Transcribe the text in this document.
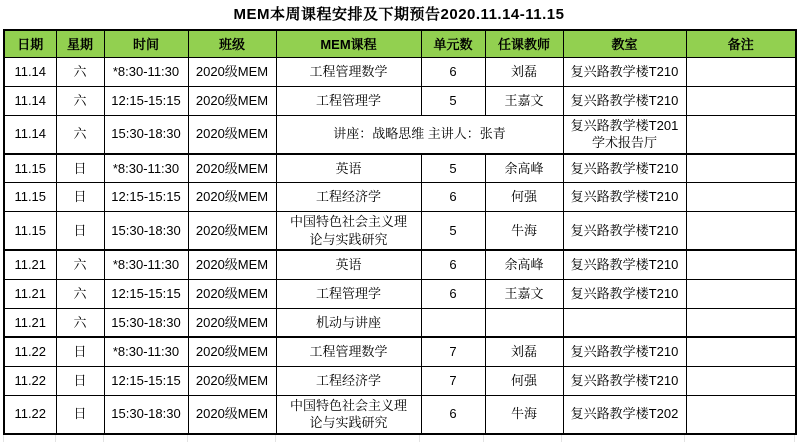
MEM本周课程安排及下期预告2020.11.14-11.15
日期	星期	时间	班级	MEM课程	单元数	任课教师	教室	备注
11.14	六	*8:30-11:30	2020级MEM	工程管理数学	6	刘磊	复兴路教学楼T210	
11.14	六	12:15-15:15	2020级MEM	工程管理学	5	王嘉文	复兴路教学楼T210	
11.14	六	15:30-18:30	2020级MEM	讲座：战略思维 主讲人：张青			复兴路教学楼T201学术报告厅	
11.15	日	*8:30-11:30	2020级MEM	英语	5	余高峰	复兴路教学楼T210	
11.15	日	12:15-15:15	2020级MEM	工程经济学	6	何强	复兴路教学楼T210	
11.15	日	15:30-18:30	2020级MEM	中国特色社会主义理论与实践研究	5	牛海	复兴路教学楼T210	
11.21	六	*8:30-11:30	2020级MEM	英语	6	余高峰	复兴路教学楼T210	
11.21	六	12:15-15:15	2020级MEM	工程管理学	6	王嘉文	复兴路教学楼T210	
11.21	六	15:30-18:30	2020级MEM	机动与讲座				
11.22	日	*8:30-11:30	2020级MEM	工程管理数学	7	刘磊	复兴路教学楼T210	
11.22	日	12:15-15:15	2020级MEM	工程经济学	7	何强	复兴路教学楼T210	
11.22	日	15:30-18:30	2020级MEM	中国特色社会主义理论与实践研究	6	牛海	复兴路教学楼T202	
